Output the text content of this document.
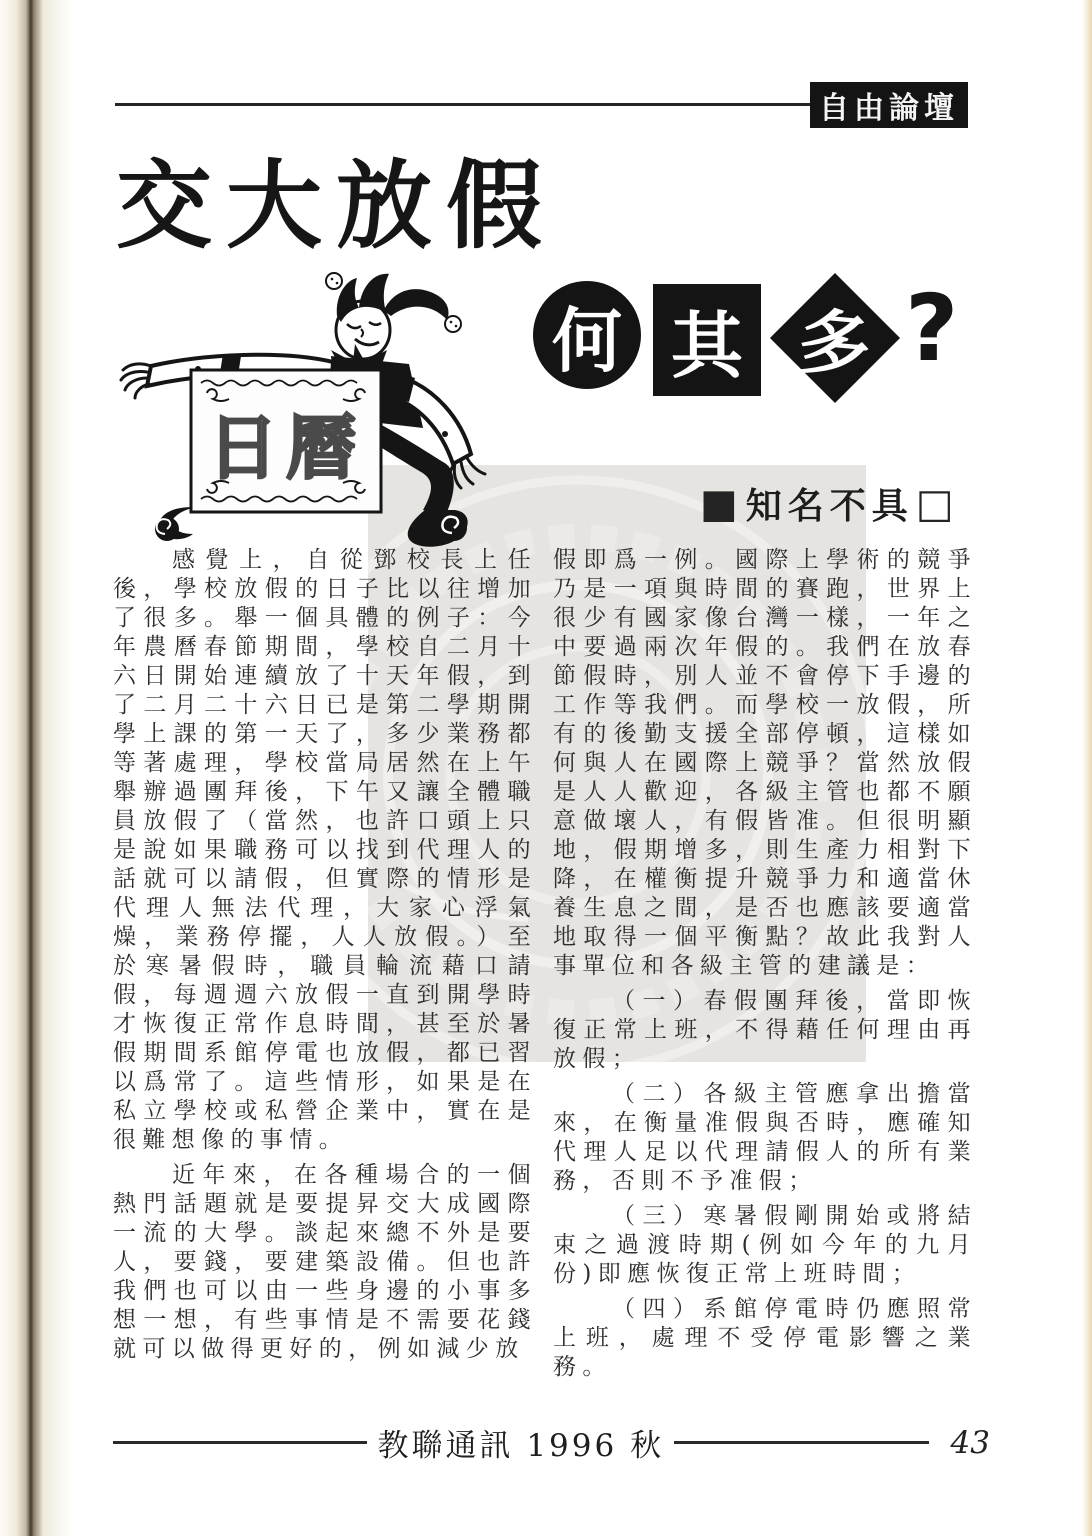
自由論壇
交大放假
何 其 多 ?
日曆
■ 知名不具 □

感覺上，自從鄧校長上任後，學校放假的日子比以往增加了很多。舉一個具體的例子：今年農曆春節期間，學校自二月十六日開始連續放了十天年假，到了二月二十六日已是第二學期開學上課的第一天了，多少業務都等著處理，學校當局居然在上午舉辦過團拜後，下午又讓全體職員放假了（當然，也許口頭上只是說如果職務可以找到代理人的話就可以請假，但實際的情形是代理人無法代理，大家心浮氣燥，業務停擺，人人放假。）至於寒暑假時，職員輪流藉口請假，每週週六放假一直到開學時才恢復正常作息時間，甚至於暑假期間系館停電也放假，都已習以爲常了。這些情形，如果是在私立學校或私營企業中，實在是很難想像的事情。

近年來，在各種場合的一個熱門話題就是要提昇交大成國際一流的大學。談起來總不外是要人，要錢，要建築設備。但也許我們也可以由一些身邊的小事多想一想，有些事情是不需要花錢就可以做得更好的，例如減少放

假即爲一例。國際上學術的競爭乃是一項與時間的賽跑，世界上很少有國家像台灣一樣，一年之中要過兩次年假的。我們在放春節假時，別人並不會停下手邊的工作等我們。而學校一放假，所有的後勤支援全部停頓，這樣如何與人在國際上競爭？當然放假是人人歡迎，各級主管也都不願意做壞人，有假皆准。但很明顯地，假期增多，則生產力相對下降，在權衡提升競爭力和適當休養生息之間，是否也應該要適當地取得一個平衡點？故此我對人事單位和各級主管的建議是：

（一）春假團拜後，當即恢復正常上班，不得藉任何理由再放假；

（二）各級主管應拿出擔當來，在衡量准假與否時，應確知代理人足以代理請假人的所有業務，否則不予准假；

（三）寒暑假剛開始或將結束之過渡時期(例如今年的九月份)即應恢復正常上班時間；

（四）系館停電時仍應照常上班，處理不受停電影響之業務。

教聯通訊 1996 秋	43
